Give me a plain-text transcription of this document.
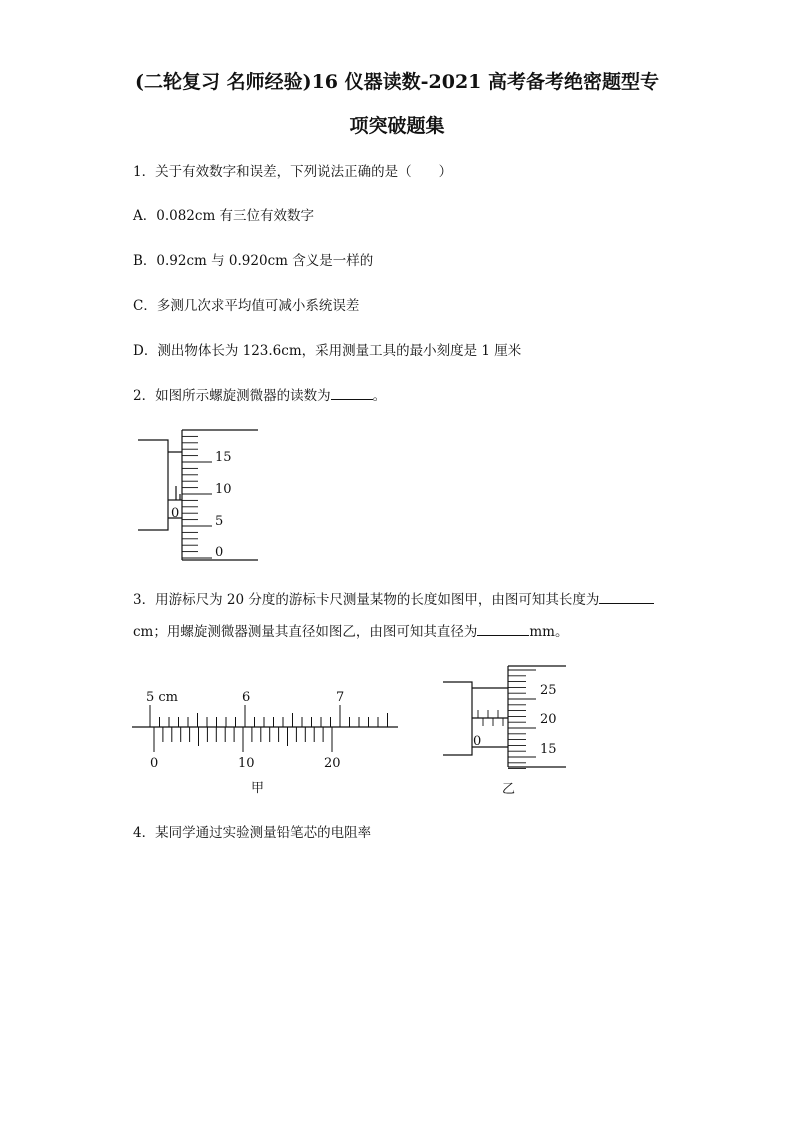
(二轮复习 名师经验)16 仪器读数-2021 高考备考绝密题型专
项突破题集
1．关于有效数字和误差，下列说法正确的是（　　）
A．0.082cm 有三位有效数字
B．0.92cm 与 0.920cm 含义是一样的
C．多测几次求平均值可减小系统误差
D．测出物体长为 123.6cm，采用测量工具的最小刻度是 1 厘米
2．如图所示螺旋测微器的读数为	。
15
10
5
0
0
3．用游标尺为 20 分度的游标卡尺测量某物的长度如图甲，由图可知其长度为
cm；用螺旋测微器测量其直径如图乙，由图可知其直径为	mm。
5 cm	6	7
0	10	20
甲
25
20
15
0
乙
4．某同学通过实验测量铅笔芯的电阻率
